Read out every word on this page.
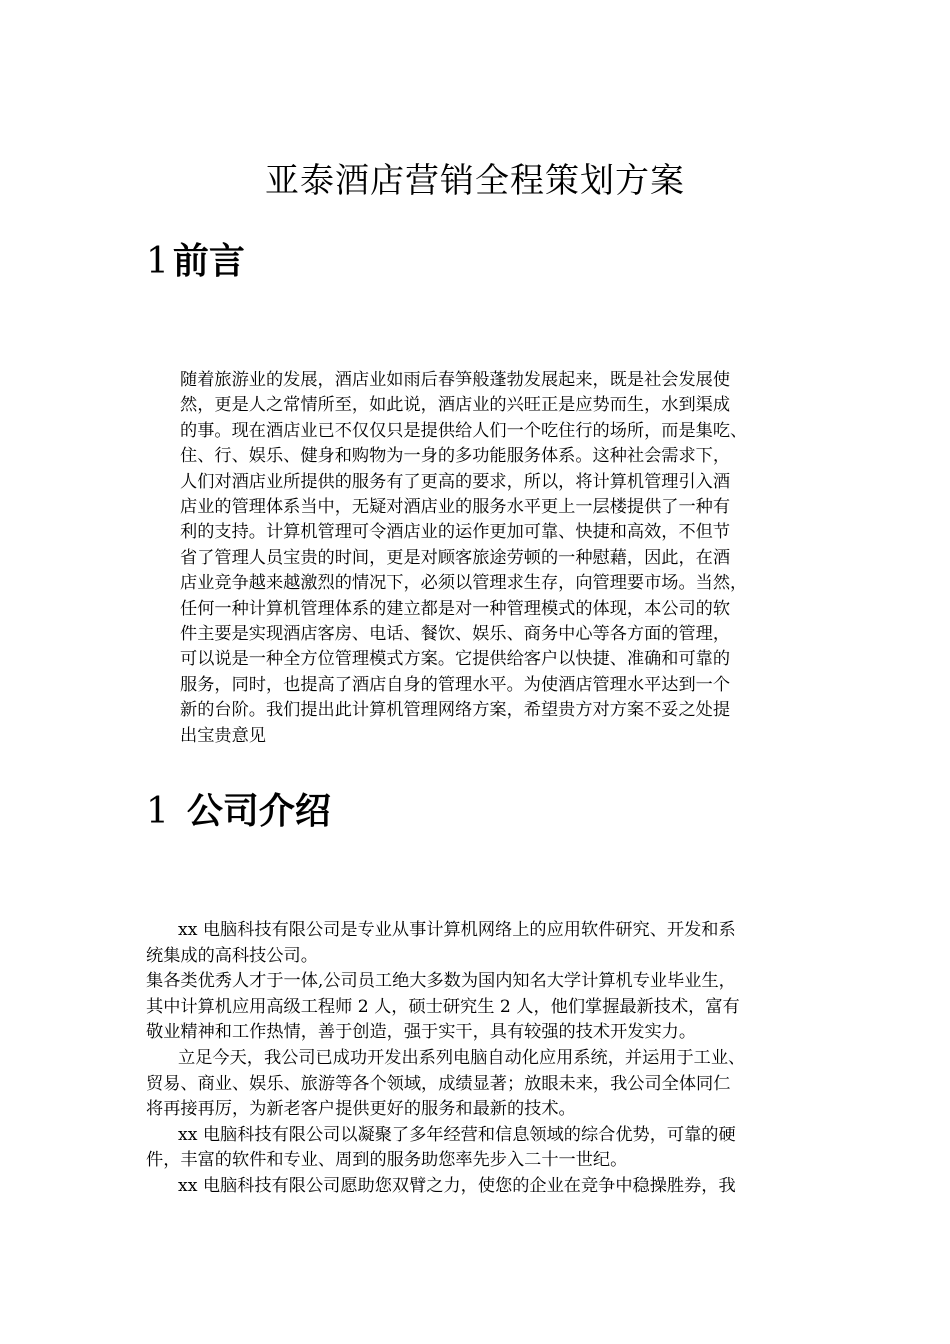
亚泰酒店营销全程策划方案
1 前言
随着旅游业的发展，酒店业如雨后春笋般蓬勃发展起来，既是社会发展使
然，更是人之常情所至，如此说，酒店业的兴旺正是应势而生，水到渠成
的事。现在酒店业已不仅仅只是提供给人们一个吃住行的场所，而是集吃、
住、行、娱乐、健身和购物为一身的多功能服务体系。这种社会需求下，
人们对酒店业所提供的服务有了更高的要求，所以，将计算机管理引入酒
店业的管理体系当中，无疑对酒店业的服务水平更上一层楼提供了一种有
利的支持。计算机管理可令酒店业的运作更加可靠、快捷和高效，不但节
省了管理人员宝贵的时间，更是对顾客旅途劳顿的一种慰藉，因此，在酒
店业竞争越来越激烈的情况下，必须以管理求生存，向管理要市场。当然，
任何一种计算机管理体系的建立都是对一种管理模式的体现，本公司的软
件主要是实现酒店客房、电话、餐饮、娱乐、商务中心等各方面的管理，
可以说是一种全方位管理模式方案。它提供给客户以快捷、准确和可靠的
服务，同时，也提高了酒店自身的管理水平。为使酒店管理水平达到一个
新的台阶。我们提出此计算机管理网络方案，希望贵方对方案不妥之处提
出宝贵意见
1 公司介绍
xx 电脑科技有限公司是专业从事计算机网络上的应用软件研究、开发和系
统集成的高科技公司。
集各类优秀人才于一体,公司员工绝大多数为国内知名大学计算机专业毕业生，
其中计算机应用高级工程师 2 人，硕士研究生 2 人，他们掌握最新技术，富有
敬业精神和工作热情，善于创造，强于实干，具有较强的技术开发实力。
立足今天，我公司已成功开发出系列电脑自动化应用系统，并运用于工业、
贸易、商业、娱乐、旅游等各个领域，成绩显著；放眼未来，我公司全体同仁
将再接再厉，为新老客户提供更好的服务和最新的技术。
xx 电脑科技有限公司以凝聚了多年经营和信息领域的综合优势，可靠的硬
件，丰富的软件和专业、周到的服务助您率先步入二十一世纪。
xx 电脑科技有限公司愿助您双臂之力，使您的企业在竞争中稳操胜券，我
